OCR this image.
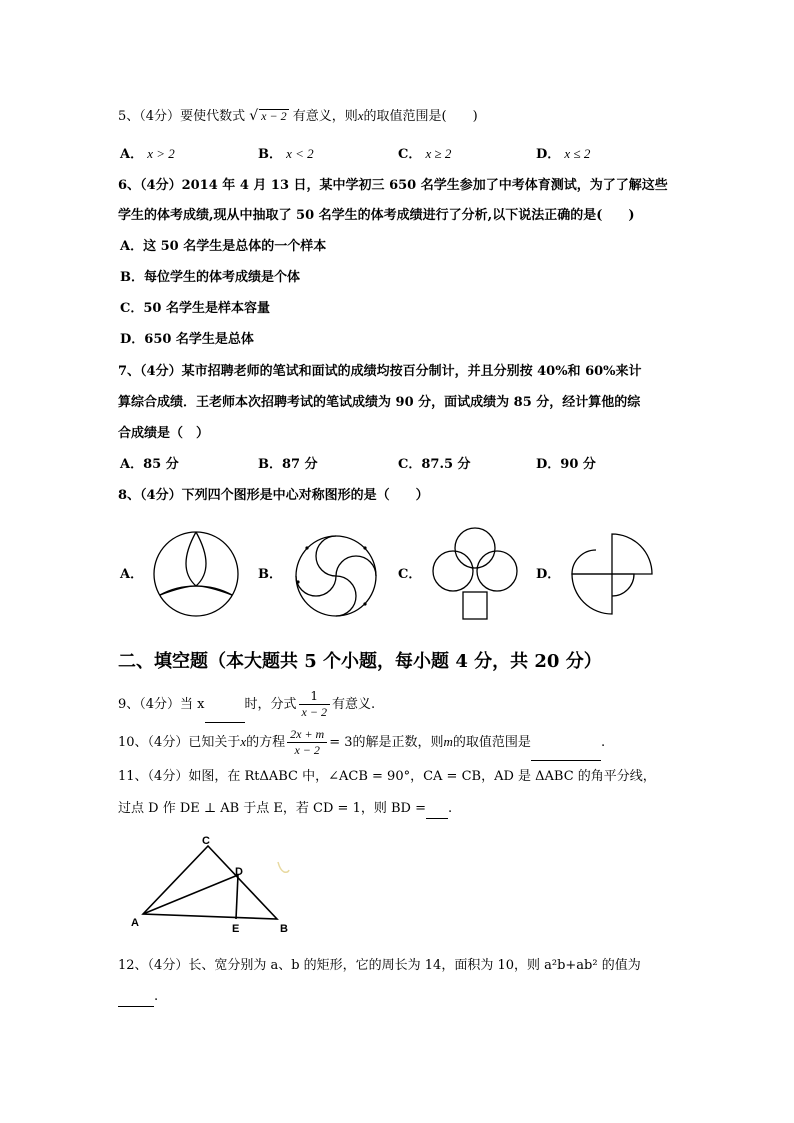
5、（4分）要使代数式 √ x − 2 有意义，则x的取值范围是(　　)
A． x > 2	B． x < 2	C． x ≥ 2	D． x ≤ 2
6、（4分）2014 年 4 月 13 日，某中学初三 650 名学生参加了中考体育测试，为了了解这些
学生的体考成绩,现从中抽取了 50 名学生的体考成绩进行了分析,以下说法正确的是(　　)
A．这 50 名学生是总体的一个样本
B．每位学生的体考成绩是个体
C．50 名学生是样本容量
D．650 名学生是总体
7、（4分）某市招聘老师的笔试和面试的成绩均按百分制计，并且分别按 40%和 60%来计
算综合成绩．王老师本次招聘考试的笔试成绩为 90 分，面试成绩为 85 分，经计算他的综
合成绩是（　）
A．85 分	B．87 分	C．87.5 分	D．90 分
8、（4分）下列四个图形是中心对称图形的是（　　）
A．	B．	C．	D．
二、填空题（本大题共 5 个小题，每小题 4 分，共 20 分）
9、（4分）当 x	时，分式 $\frac{1}{x - 2}$ 有意义.
10、（4分）已知关于x的方程 $\frac{2x + m}{x - 2} = 3$的解是正数，则m的取值范围是	.
11、（4分）如图，在 RtΔABC 中，∠ACB = 90°，CA = CB，AD 是 ΔABC 的角平分线，
过点 D 作 DE ⊥ AB 于点 E，若 CD = 1，则 BD = .
C
D
A	E	B
12、（4分）长、宽分别为 a、b 的矩形，它的周长为 14，面积为 10，则 a²b+ab² 的值为
.
